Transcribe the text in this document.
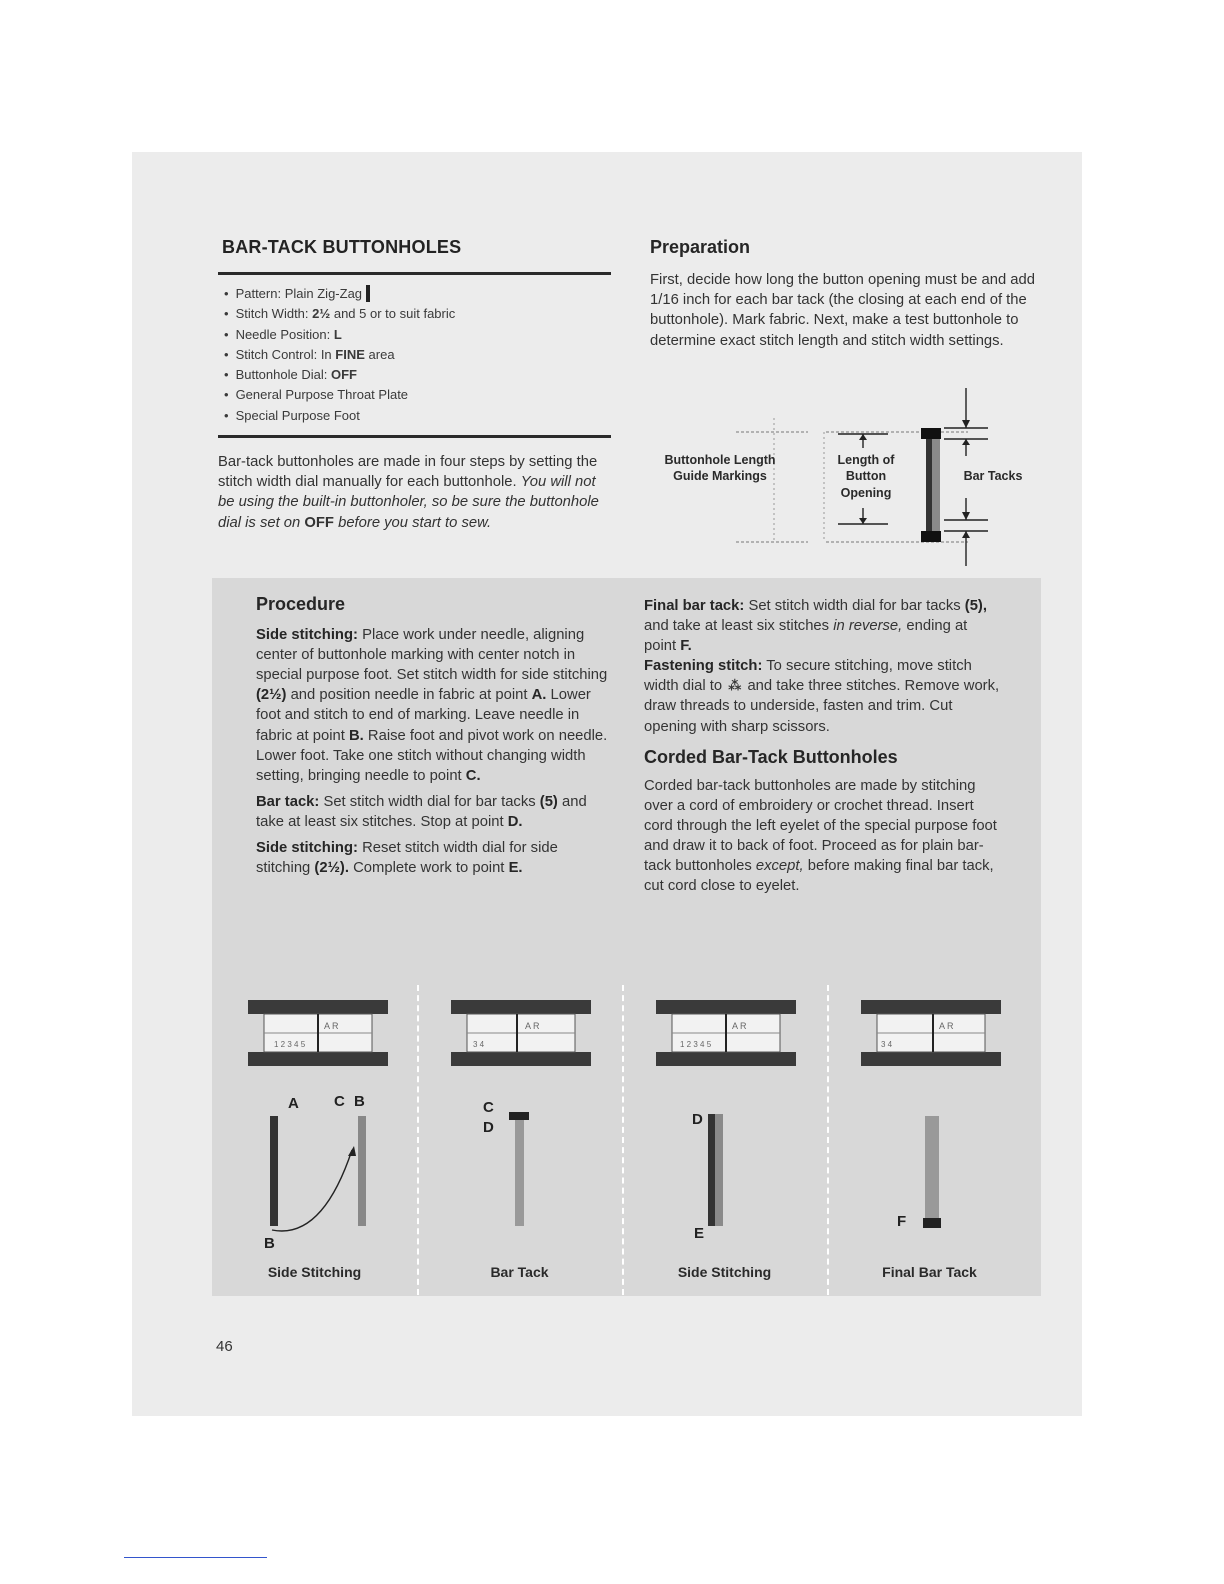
BAR-TACK BUTTONHOLES
• Pattern: Plain Zig-Zag
• Stitch Width: 2½ and 5 or to suit fabric
• Needle Position: L
• Stitch Control: In FINE area
• Buttonhole Dial: OFF
• General Purpose Throat Plate
• Special Purpose Foot
Bar-tack buttonholes are made in four steps by setting the stitch width dial manually for each buttonhole. You will not be using the built-in buttonholer, so be sure the buttonhole dial is set on OFF before you start to sew.
Preparation
First, decide how long the button opening must be and add 1/16 inch for each bar tack (the closing at each end of the buttonhole). Mark fabric. Next, make a test buttonhole to determine exact stitch length and stitch width settings.
Buttonhole Length Guide Markings
Length of Button Opening
Bar Tacks
Procedure

Side stitching: Place work under needle, aligning center of buttonhole marking with center notch in special purpose foot. Set stitch width for side stitching (2½) and position needle in fabric at point A. Lower foot and stitch to end of marking. Leave needle in fabric at point B. Raise foot and pivot work on needle. Lower foot. Take one stitch without changing width setting, bringing needle to point C.

Bar tack: Set stitch width dial for bar tacks (5) and take at least six stitches. Stop at point D.

Side stitching: Reset stitch width dial for side stitching (2½). Complete work to point E.

Final bar tack: Set stitch width dial for bar tacks (5), and take at least six stitches in reverse, ending at point F.

Fastening stitch: To secure stitching, move stitch width dial to ⁂ and take three stitches. Remove work, draw threads to underside, fasten and trim. Cut opening with sharp scissors.

Corded Bar-Tack Buttonholes

Corded bar-tack buttonholes are made by stitching over a cord of embroidery or crochet thread. Insert cord through the left eyelet of the special purpose foot and draw it to back of foot. Proceed as for plain bar-tack buttonholes except, before making final bar tack, cut cord close to eyelet.

A R
1 2 3 4 5
A C B
B
Side Stitching
A R
3 4
C
D
Bar Tack
A R
1 2 3 4 5
D
E
Side Stitching
A R
3 4
F
Final Bar Tack
46
